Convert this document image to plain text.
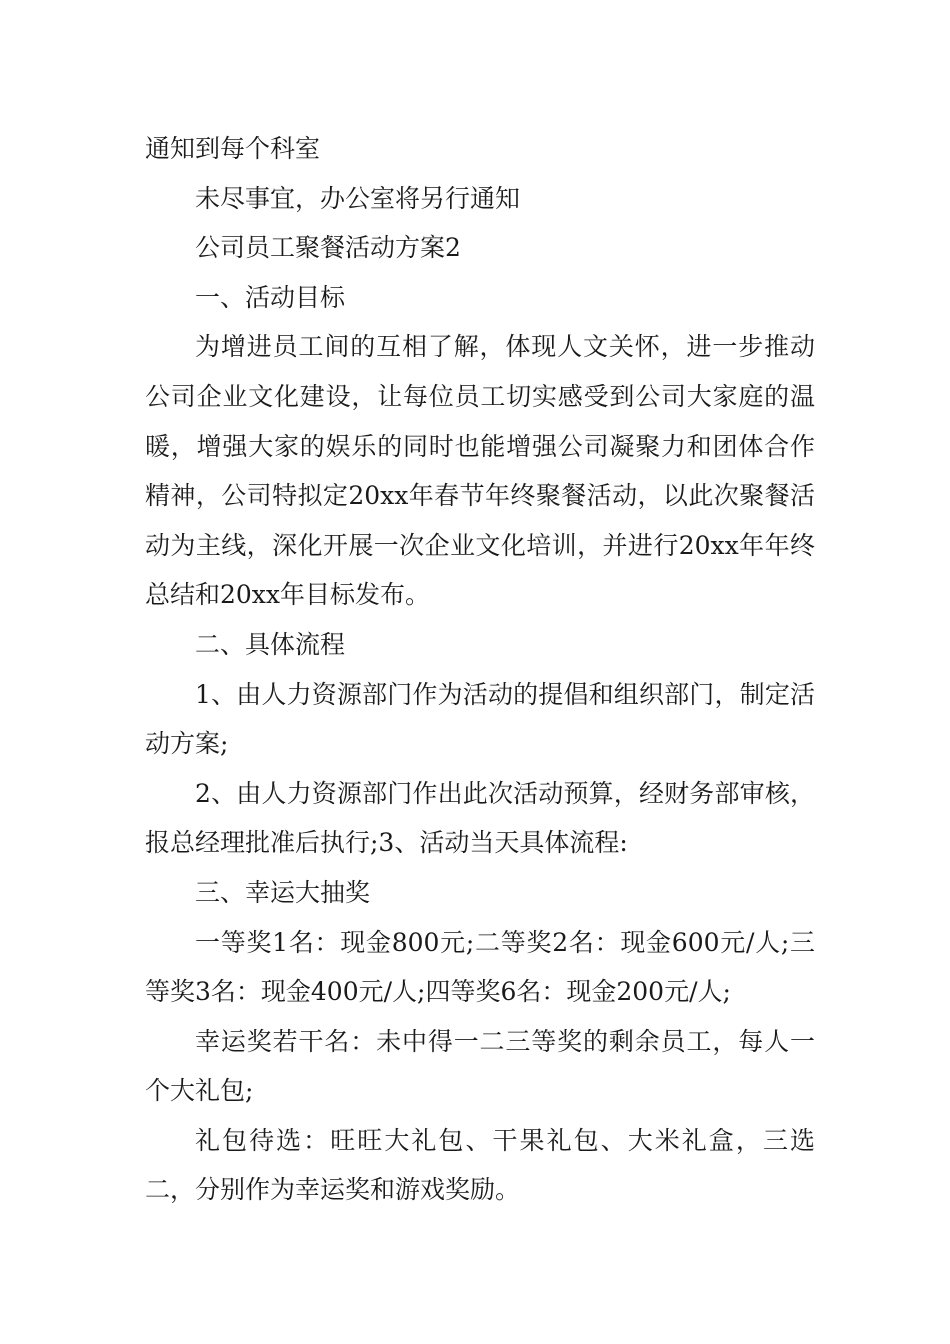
通知到每个科室

未尽事宜，办公室将另行通知

公司员工聚餐活动方案2

一、活动目标

为增进员工间的互相了解，体现人文关怀，进一步推动公司企业文化建设，让每位员工切实感受到公司大家庭的温暖，增强大家的娱乐的同时也能增强公司凝聚力和团体合作精神，公司特拟定20xx年春节年终聚餐活动，以此次聚餐活动为主线，深化开展一次企业文化培训，并进行20xx年年终总结和20xx年目标发布。

二、具体流程

1、由人力资源部门作为活动的提倡和组织部门，制定活动方案;

2、由人力资源部门作出此次活动预算，经财务部审核，报总经理批准后执行;3、活动当天具体流程:

三、幸运大抽奖

一等奖1名：现金800元;二等奖2名：现金600元/人;三等奖3名：现金400元/人;四等奖6名：现金200元/人;

幸运奖若干名：未中得一二三等奖的剩余员工，每人一个大礼包;

礼包待选：旺旺大礼包、干果礼包、大米礼盒，三选二，分别作为幸运奖和游戏奖励。
